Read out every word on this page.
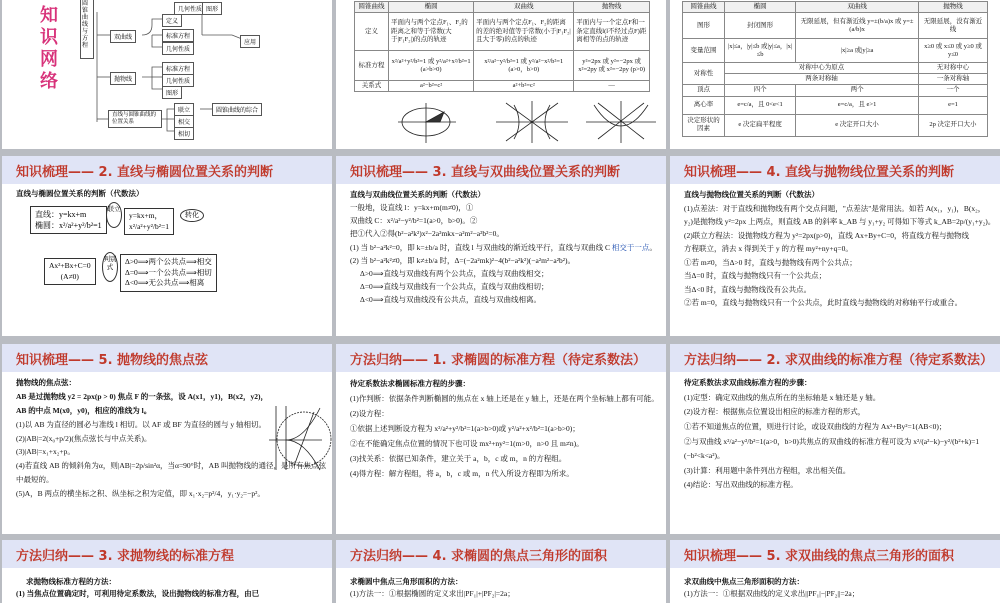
知
识
网
络
圆锥曲线与方程
几何性质 图形
双曲线
定义
标准方程
几何性质
应用
抛物线
标准方程
几何性质
图形
直线与圆锥曲线的位置关系
联立
相交
相切
圆锥曲线的综合
圆锥曲线	椭圆	双曲线	抛物线
定义	平面内与两个定点F₁、F₂的距离之和等于常数(大于|F₁F₂|)的点的轨迹	平面内与两个定点F₁、F₂的距离的差的绝对值等于常数(小于|F₁F₂|且大于零)的点的轨迹	平面内与一个定点F和一条定直线l(l不经过点F)距离相等的点的轨迹
标准方程	x²/a²+y²/b²=1 或 y²/a²+x²/b²=1 (a>b>0)	x²/a²−y²/b²=1 或 y²/a²−x²/b²=1 (a>0，b>0)	y²=2px 或 y²=−2px 或 x²=2py 或 x²=−2py (p>0)
关系式	a²−b²=c²	a²+b²=c²	—
圆锥曲线	椭圆	双曲线	抛物线
图形	封闭图形	无限延展，但有渐近线 y=±(b/a)x 或 y=±(a/b)x	无限延展，没有渐近线
变量范围	|x|≤a，|y|≤b 或|y|≤a，|x|≤b	|x|≥a 或|y|≥a	x≥0 或 x≤0 或 y≥0 或 y≤0
对称性	对称中心为原点		无对称中心
	两条对称轴		一条对称轴
顶点	四个	两个	一个
离心率	e=c/a，且 0<e<1	e=c/a，且 e>1	e=1
决定形状的因素	e 决定扁平程度	e 决定开口大小	2p 决定开口大小
知识梳理—— 2. 直线与椭圆位置关系的判断

直线与椭圆位置关系的判断（代数法）

直线：y=kx+m
椭圆：x²/a²+y²/b²=1
联立
y=kx+m，
x²/a²+y²/b²=1
转化
Ax²+Bx+C=0
(A≠0)
判别式
Δ>0⟹两个公共点⟹相交
Δ=0⟹一个公共点⟹相切
Δ<0⟹无公共点⟹相离
知识梳理—— 3. 直线与双曲线位置关系的判断

直线与双曲线位置关系的判断（代数法）

一般地，设直线 l：y=kx+m(m≠0)，①

双曲线 C：x²/a²−y²/b²=1(a>0，b>0)。②

把①代入②得(b²−a²k²)x²−2a²mkx−a²m²−a²b²=0。

(1) 当 b²−a²k²=0，即 k=±b/a 时，直线 l 与双曲线的渐近线平行，直线与双曲线 C 相交于一点。

(2) 当 b²−a²k²≠0，即 k≠±b/a 时，Δ=(−2a²mk)²−4(b²−a²k²)(−a²m²−a²b²)。

Δ>0⟹直线与双曲线有两个公共点，直线与双曲线相交；

Δ=0⟹直线与双曲线有一个公共点，直线与双曲线相切；

Δ<0⟹直线与双曲线没有公共点，直线与双曲线相离。

知识梳理—— 4. 直线与抛物线位置关系的判断

直线与抛物线位置关系的判断（代数法）

(1)点差法：对于直线和抛物线有两个交点问题，"点差法"是常用法。如若 A(x₁，y₁)，B(x₂，

y₂)是抛物线 y²=2px 上两点，则直线 AB 的斜率 k_AB 与 y₁+y₂ 可得如下等式 k_AB=2p/(y₁+y₂)。

(2)联立方程法：设抛物线方程为 y²=2px(p>0)，直线 Ax+By+C=0，将直线方程与抛物线

方程联立，消去 x 得到关于 y 的方程 my²+ny+q=0。

①若 m≠0，当Δ>0 时，直线与抛物线有两个公共点；

当Δ=0 时，直线与抛物线只有一个公共点；

当Δ<0 时，直线与抛物线没有公共点。

②若 m=0，直线与抛物线只有一个公共点，此时直线与抛物线的对称轴平行或重合。

知识梳理—— 5. 抛物线的焦点弦

抛物线的焦点弦：

AB 是过抛物线 y2 = 2px(p > 0) 焦点 F 的一条弦，设 A(x1，y1)，B(x2，y2)，

AB 的中点 M(x0，y0)，相应的准线为 l。

(1)以 AB 为直径的圆必与准线 l 相切。以 AF 或 BF 为直径的圆与 y 轴相切。

(2)|AB|=2(x₀+p/2)(焦点弦长与中点关系)。

(3)|AB|=x₁+x₂+p。

(4)若直线 AB 的倾斜角为α，则|AB|=2p/sin²α，当α=90°时，AB 叫抛物线的通径，是所有焦点弦

中最短的。

(5)A，B 两点的横坐标之积、纵坐标之积为定值，即 x₁·x₂=p²/4，y₁·y₂=−p²。

方法归纳—— 1. 求椭圆的标准方程（待定系数法）

待定系数法求椭圆标准方程的步骤：

(1)作判断：依据条件判断椭圆的焦点在 x 轴上还是在 y 轴上，还是在两个坐标轴上都有可能。

(2)设方程：

①依据上述判断设方程为 x²/a²+y²/b²=1(a>b>0)或 y²/a²+x²/b²=1(a>b>0)；

②在不能确定焦点位置的情况下也可设 mx²+ny²=1(m>0，n>0 且 m≠n)。

(3)找关系：依据已知条件，建立关于 a，b，c 或 m，n 的方程组。

(4)得方程：解方程组，将 a，b，c 或 m，n 代入所设方程即为所求。

方法归纳—— 2. 求双曲线的标准方程（待定系数法）

待定系数法求双曲线标准方程的步骤：

(1)定型：确定双曲线的焦点所在的坐标轴是 x 轴还是 y 轴。

(2)设方程：根据焦点位置设出相应的标准方程的形式，

①若不知道焦点的位置，则进行讨论，或设双曲线的方程为 Ax²+By²=1(AB<0)；

②与双曲线 x²/a²−y²/b²=1(a>0，b>0)共焦点的双曲线的标准方程可设为 x²/(a²−k)−y²/(b²+k)=1

(−b²<k<a²)。

(3)计算：利用题中条件列出方程组，求出相关值。

(4)结论：写出双曲线的标准方程。

方法归纳—— 3. 求抛物线的标准方程

求抛物线标准方程的方法：

(1) 当焦点位置确定时，可利用待定系数法，设出抛物线的标准方程，由已

方法归纳—— 4. 求椭圆的焦点三角形的面积

求椭圆中焦点三角形面积的方法：

(1)方法一：①根据椭圆的定义求出|PF₁|+|PF₂|=2a；

知识梳理—— 5. 求双曲线的焦点三角形的面积

求双曲线中焦点三角形面积的方法：

(1)方法一：①根据双曲线的定义求出||PF₁|−|PF₂||=2a；
